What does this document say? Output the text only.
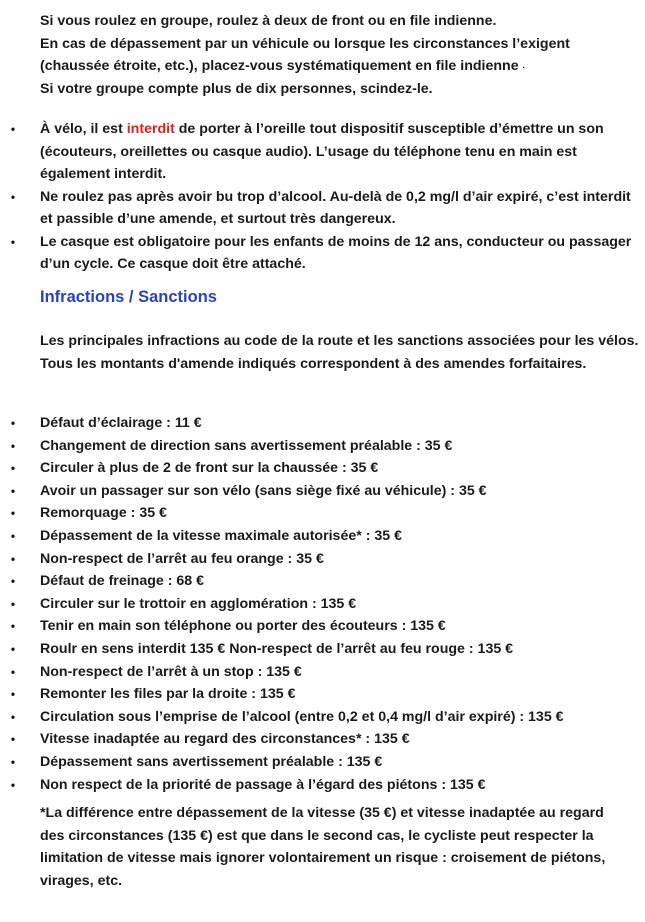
Si vous roulez en groupe, roulez à deux de front ou en file indienne.

En cas de dépassement par un véhicule ou lorsque les circonstances l’exigent

(chaussée étroite, etc.), placez-vous systématiquement en file indienne .

Si votre groupe compte plus de dix personnes, scindez-le.

• À vélo, il est interdit de porter à l’oreille tout dispositif susceptible d’émettre un son (écouteurs, oreillettes ou casque audio). L’usage du téléphone tenu en main est également interdit.
• Ne roulez pas après avoir bu trop d’alcool. Au-delà de 0,2 mg/l d’air expiré, c’est interdit et passible d’une amende, et surtout très dangereux.
• Le casque est obligatoire pour les enfants de moins de 12 ans, conducteur ou passager d’un cycle. Ce casque doit être attaché.
Infractions / Sanctions

Les principales infractions au code de la route et les sanctions associées pour les vélos. Tous les montants d'amende indiqués correspondent à des amendes forfaitaires.

• Défaut d’éclairage : 11 €
• Changement de direction sans avertissement préalable : 35 €
• Circuler à plus de 2 de front sur la chaussée : 35 €
• Avoir un passager sur son vélo (sans siège fixé au véhicule) : 35 €
• Remorquage : 35 €
• Dépassement de la vitesse maximale autorisée* : 35 €
• Non-respect de l’arrêt au feu orange : 35 €
• Défaut de freinage : 68 €
• Circuler sur le trottoir en agglomération : 135 €
• Tenir en main son téléphone ou porter des écouteurs : 135 €
• Roulr en sens interdit 135 € Non-respect de l’arrêt au feu rouge : 135 €
• Non-respect de l’arrêt à un stop : 135 €
• Remonter les files par la droite : 135 €
• Circulation sous l’emprise de l’alcool (entre 0,2 et 0,4 mg/l d’air expiré) : 135 €
• Vitesse inadaptée au regard des circonstances* : 135 €
• Dépassement sans avertissement préalable : 135 €
• Non respect de la priorité de passage à l’égard des piétons : 135 €

*La différence entre dépassement de la vitesse (35 €) et vitesse inadaptée au regard des circonstances (135 €) est que dans le second cas, le cycliste peut respecter la limitation de vitesse mais ignorer volontairement un risque : croisement de piétons, virages, etc.
